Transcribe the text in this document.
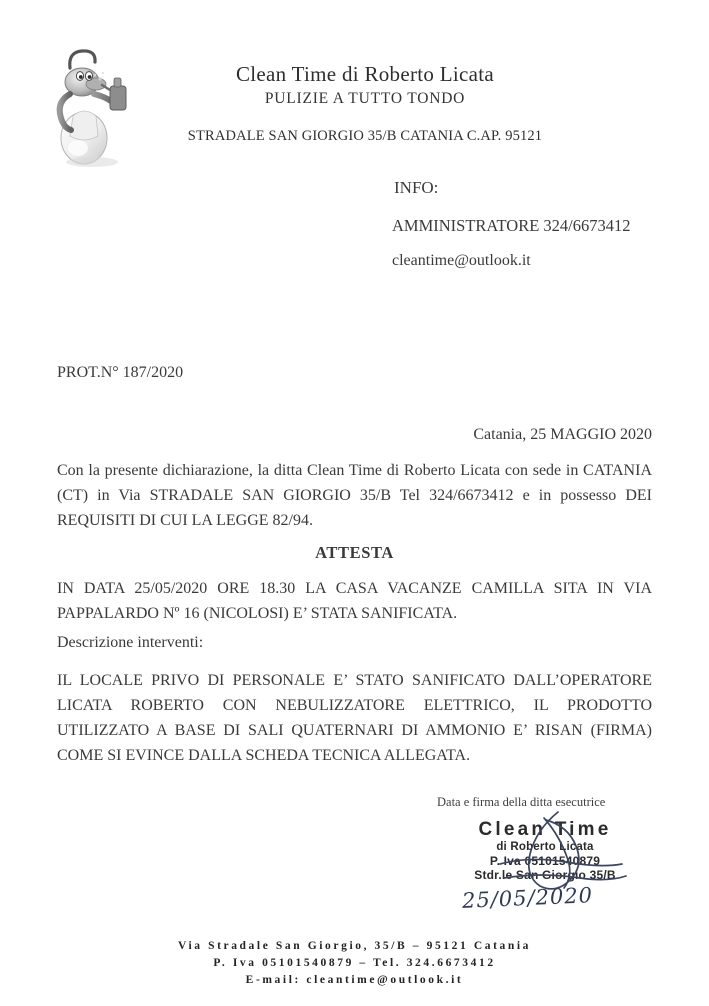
Clean Time di Roberto Licata
PULIZIE A TUTTO TONDO
STRADALE SAN GIORGIO 35/B CATANIA C.AP. 95121
INFO:
AMMINISTRATORE 324/6673412
cleantime@outlook.it
PROT.N° 187/2020
Catania, 25 MAGGIO 2020
Con la presente dichiarazione, la ditta Clean Time di Roberto Licata con sede in CATANIA (CT) in Via STRADALE SAN GIORGIO 35/B Tel 324/6673412 e in possesso DEI REQUISITI DI CUI LA LEGGE 82/94.
ATTESTA
IN DATA 25/05/2020 ORE 18.30 LA CASA VACANZE CAMILLA SITA IN VIA PAPPALARDO Nº 16 (NICOLOSI) E’ STATA SANIFICATA.
Descrizione interventi:
IL LOCALE PRIVO DI PERSONALE E’ STATO SANIFICATO DALL’OPERATORE LICATA ROBERTO CON NEBULIZZATORE ELETTRICO, IL PRODOTTO UTILIZZATO A BASE DI SALI QUATERNARI DI AMMONIO E’ RISAN (FIRMA) COME SI EVINCE DALLA SCHEDA TECNICA ALLEGATA.
Data e firma della ditta esecutrice
Clean Time
di Roberto Licata
P. Iva 05101540879
Stdr.le San Giorgio 35/B
25/05/2020
Via Stradale San Giorgio, 35/B – 95121 Catania
P. Iva 05101540879 – Tel. 324.6673412
E-mail: cleantime@outlook.it
